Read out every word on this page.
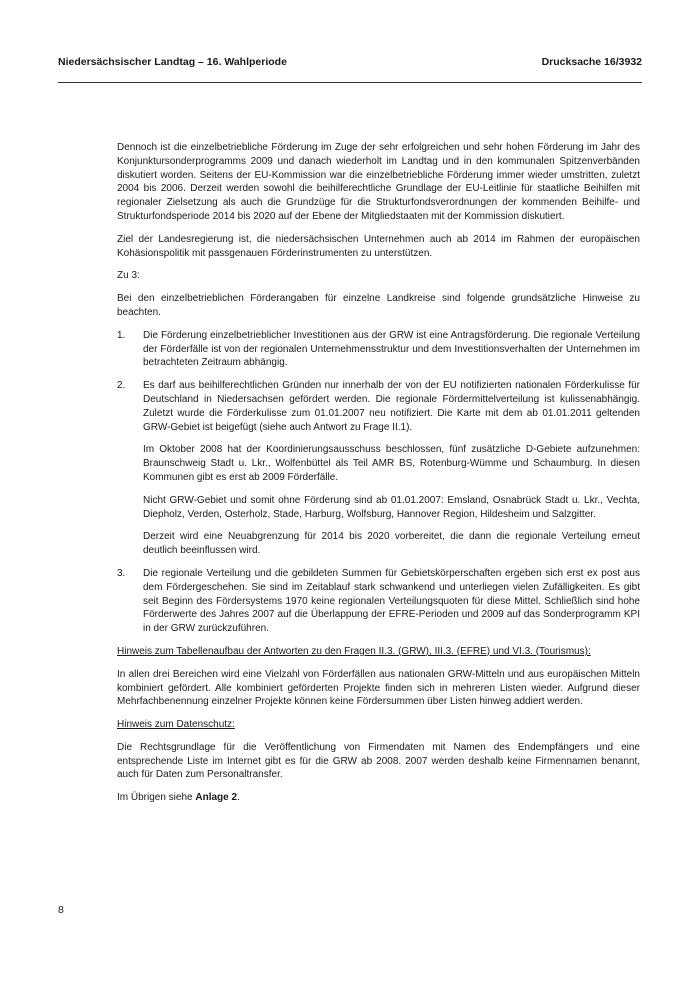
Niedersächsischer Landtag – 16. Wahlperiode	Drucksache 16/3932

Dennoch ist die einzelbetriebliche Förderung im Zuge der sehr erfolgreichen und sehr hohen Förderung im Jahr des Konjunktursonderprogramms 2009 und danach wiederholt im Landtag und in den kommunalen Spitzenverbänden diskutiert worden. Seitens der EU-Kommission war die einzelbetriebliche Förderung immer wieder umstritten, zuletzt 2004 bis 2006. Derzeit werden sowohl die beihilferechtliche Grundlage der EU-Leitlinie für staatliche Beihilfen mit regionaler Zielsetzung als auch die Grundzüge für die Strukturfondsverordnungen der kommenden Beihilfe- und Strukturfondsperiode 2014 bis 2020 auf der Ebene der Mitgliedstaaten mit der Kommission diskutiert.

Ziel der Landesregierung ist, die niedersächsischen Unternehmen auch ab 2014 im Rahmen der europäischen Kohäsionspolitik mit passgenauen Förderinstrumenten zu unterstützen.

Zu 3:

Bei den einzelbetrieblichen Förderangaben für einzelne Landkreise sind folgende grundsätzliche Hinweise zu beachten.

1.	Die Förderung einzelbetrieblicher Investitionen aus der GRW ist eine Antragsförderung. Die regionale Verteilung der Förderfälle ist von der regionalen Unternehmensstruktur und dem Investitionsverhalten der Unternehmen im betrachteten Zeitraum abhängig.

2.	Es darf aus beihilferechtlichen Gründen nur innerhalb der von der EU notifizierten nationalen Förderkulisse für Deutschland in Niedersachsen gefördert werden. Die regionale Fördermittelverteilung ist kulissenabhängig. Zuletzt wurde die Förderkulisse zum 01.01.2007 neu notifiziert. Die Karte mit dem ab 01.01.2011 geltenden GRW-Gebiet ist beigefügt (siehe auch Antwort zu Frage II.1).

Im Oktober 2008 hat der Koordinierungsausschuss beschlossen, fünf zusätzliche D-Gebiete aufzunehmen: Braunschweig Stadt u. Lkr., Wolfenbüttel als Teil AMR BS, Rotenburg-Wümme und Schaumburg. In diesen Kommunen gibt es erst ab 2009 Förderfälle.

Nicht GRW-Gebiet und somit ohne Förderung sind ab 01.01.2007: Emsland, Osnabrück Stadt u. Lkr., Vechta, Diepholz, Verden, Osterholz, Stade, Harburg, Wolfsburg, Hannover Region, Hildesheim und Salzgitter.

Derzeit wird eine Neuabgrenzung für 2014 bis 2020 vorbereitet, die dann die regionale Verteilung erneut deutlich beeinflussen wird.

3.	Die regionale Verteilung und die gebildeten Summen für Gebietskörperschaften ergeben sich erst ex post aus dem Fördergeschehen. Sie sind im Zeitablauf stark schwankend und unterliegen vielen Zufälligkeiten. Es gibt seit Beginn des Fördersystems 1970 keine regionalen Verteilungsquoten für diese Mittel. Schließlich sind hohe Förderwerte des Jahres 2007 auf die Überlappung der EFRE-Perioden und 2009 auf das Sonderprogramm KPI in der GRW zurückzuführen.

Hinweis zum Tabellenaufbau der Antworten zu den Fragen II.3. (GRW), III.3. (EFRE) und VI.3. (Tourismus):

In allen drei Bereichen wird eine Vielzahl von Förderfällen aus nationalen GRW-Mitteln und aus europäischen Mitteln kombiniert gefördert. Alle kombiniert geförderten Projekte finden sich in mehreren Listen wieder. Aufgrund dieser Mehrfachbenennung einzelner Projekte können keine Fördersummen über Listen hinweg addiert werden.

Hinweis zum Datenschutz:

Die Rechtsgrundlage für die Veröffentlichung von Firmendaten mit Namen des Endempfängers und eine entsprechende Liste im Internet gibt es für die GRW ab 2008. 2007 werden deshalb keine Firmennamen benannt, auch für Daten zum Personaltransfer.

Im Übrigen siehe Anlage 2.

8
